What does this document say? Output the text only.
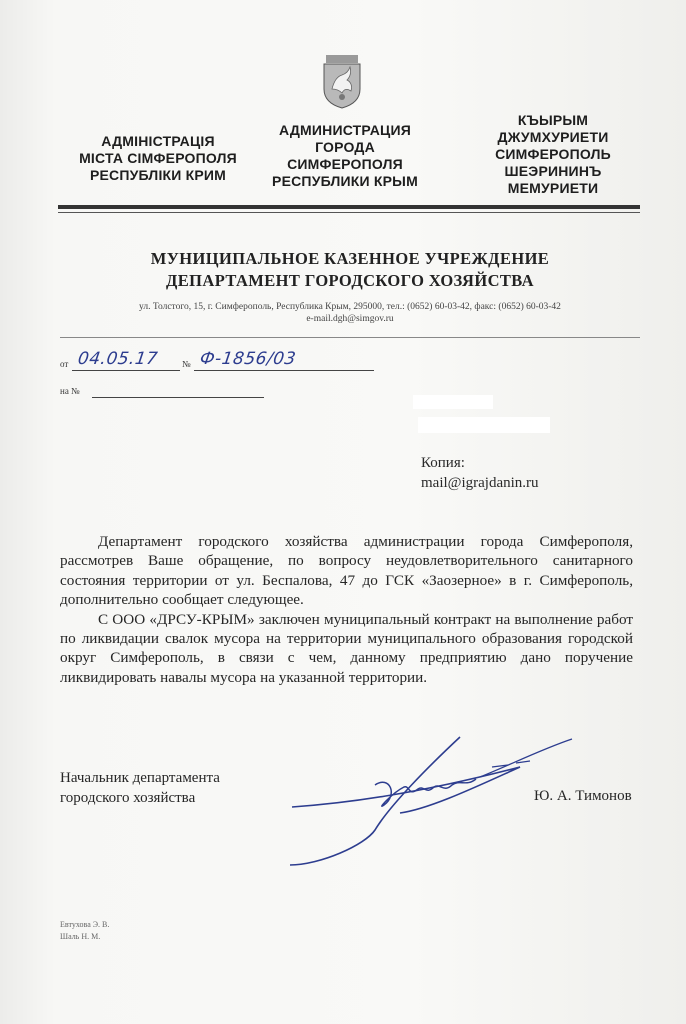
АДМІНІСТРАЦІЯ
МІСТА СІМФЕРОПОЛЯ
РЕСПУБЛІКИ КРИМ
АДМИНИСТРАЦИЯ
ГОРОДА
СИМФЕРОПОЛЯ
РЕСПУБЛИКИ КРЫМ
КЪЫРЫМ
ДЖУМХУРИЕТИ
СИМФЕРОПОЛЬ
ШЕЭРИНИНЪ
МЕМУРИЕТИ
МУНИЦИПАЛЬНОЕ КАЗЕННОЕ УЧРЕЖДЕНИЕ
ДЕПАРТАМЕНТ ГОРОДСКОГО ХОЗЯЙСТВА
ул. Толстого, 15, г. Симферополь, Республика Крым, 295000, тел.: (0652) 60-03-42, факс: (0652) 60-03-42
e-mail.dgh@simgov.ru
от 04.05.17	№ Ф-1856/03
на №
Копия:
mail@igrajdanin.ru

Департамент городского хозяйства администрации города Симферополя, рассмотрев Ваше обращение, по вопросу неудовлетворительного санитарного состояния территории от ул. Беспалова, 47 до ГСК «Заозерное» в г. Симферополь, дополнительно сообщает следующее.

С ООО «ДРСУ-КРЫМ» заключен муниципальный контракт на выполнение работ по ликвидации свалок мусора на территории муниципального образования городской округ Симферополь, в связи с чем, данному предприятию дано поручение ликвидировать навалы мусора на указанной территории.

Начальник департамента
городского хозяйства	Ю. А. Тимонов
Евтухова Э. В.
Шаль Н. М.
